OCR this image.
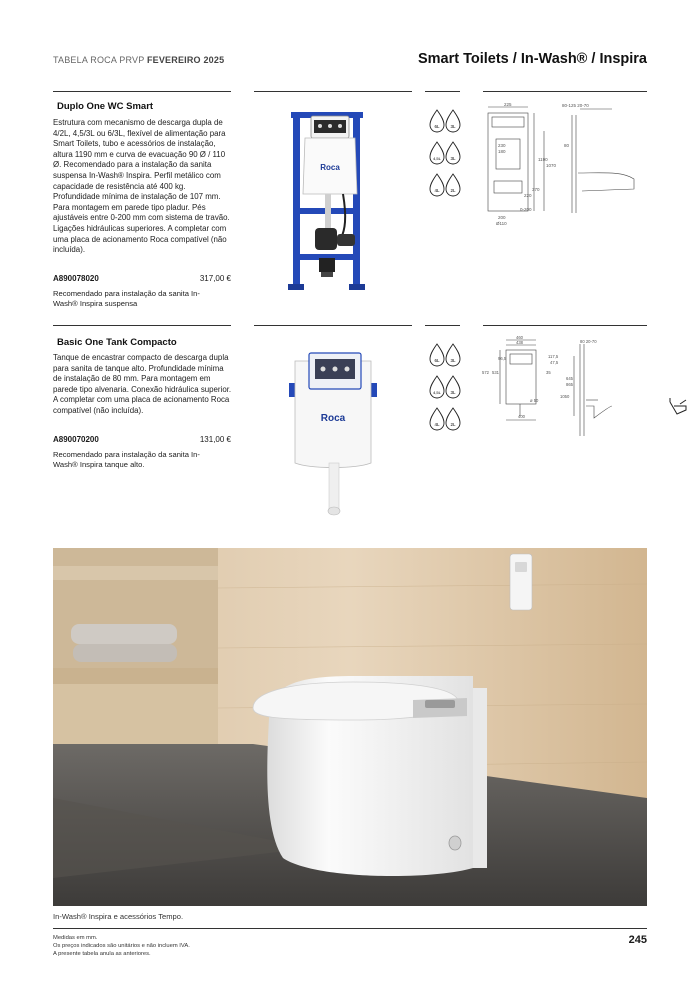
TABELA ROCA PRVP FEVEREIRO 2025	Smart Toilets / In-Wash® / Inspira
Duplo One WC Smart
Estrutura com mecanismo de descarga dupla de 4/2L, 4,5/3L ou 6/3L, flexível de alimentação para Smart Toilets, tubo e acessórios de instalação, altura 1190 mm e curva de evacuação 90 Ø / 110 Ø. Recomendado para a instalação da sanita suspensa In-Wash® Inspira. Perfil metálico com capacidade de resistência até 400 kg. Profundidade mínima de instalação de 107 mm. Para montagem em parede tipo pladur. Pés ajustáveis entre 0-200 mm com sistema de travão. Ligações hidráulicas superiores. A completar com uma placa de acionamento Roca compatível (não incluída).
A890078020	317,00 €
Recomendado para instalação da sanita In-Wash® Inspira suspensa
Roca
6L 3L
4,5L 3L
4L 2L
225
230
180
1190
1070
370
220
0-200
200
Ø110
80-125 20-70
80
Basic One Tank Compacto
Tanque de encastrar compacto de descarga dupla para sanita de tanque alto. Profundidade mínima de instalação de 80 mm. Para montagem em parede tipo alvenaria. Conexão hidráulica superior. A completar com uma placa de acionamento Roca compatível (não incluída).
A890070200	131,00 €
Recomendado para instalação da sanita In-Wash® Inspira tanque alto.
Roca
6L 3L
4,5L 3L
4L 2L
460
438
96,5
572 531
117,5
47,5
35
ø 50
400
80 20-70
645
865
1050
In-Wash® Inspira e acessórios Tempo.
Medidas em mm.
Os preços indicados são unitários e não incluem IVA.
A presente tabela anula as anteriores.
245
